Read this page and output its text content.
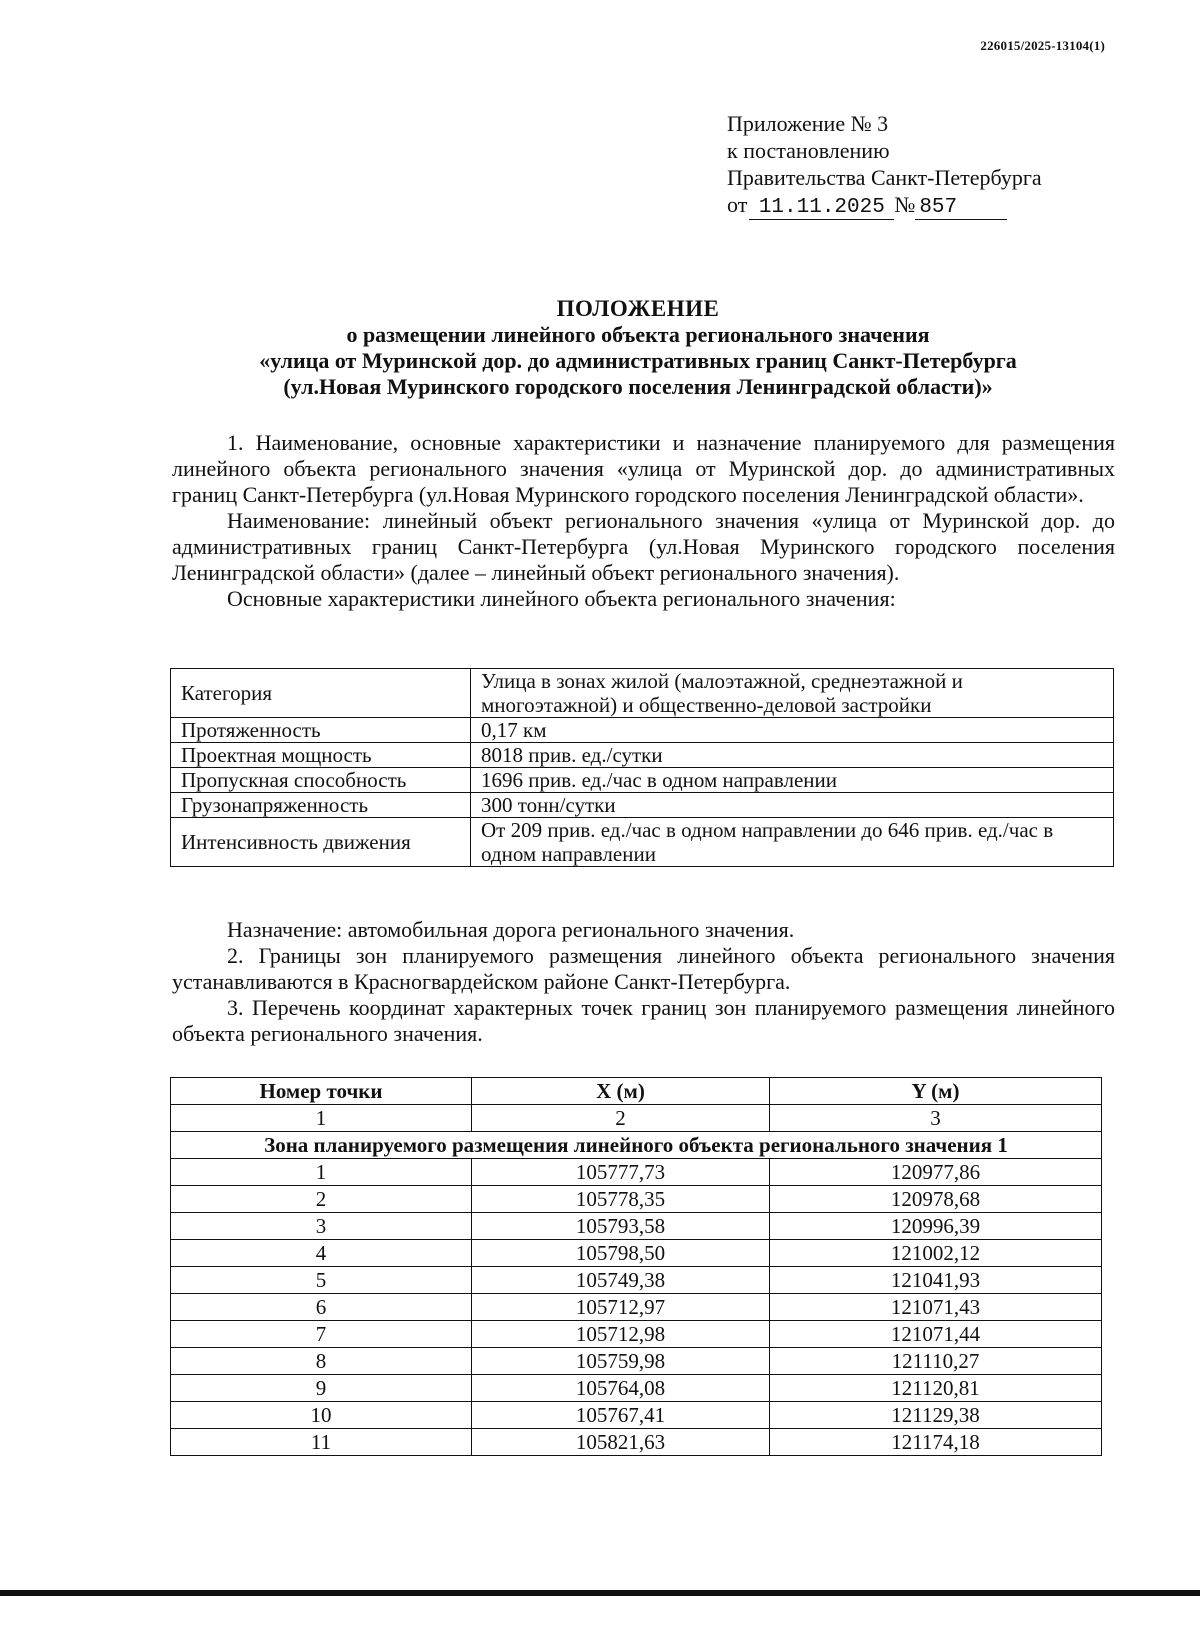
226015/2025-13104(1)
Приложение № 3
к постановлению
Правительства Санкт-Петербурга
от 11.11.2025 № 857
ПОЛОЖЕНИЕ
о размещении линейного объекта регионального значения
«улица от Муринской дор. до административных границ Санкт-Петербурга
(ул.Новая Муринского городского поселения Ленинградской области)»

1. Наименование, основные характеристики и назначение планируемого для размещения линейного объекта регионального значения «улица от Муринской дор. до административных границ Санкт-Петербурга (ул.Новая Муринского городского поселения Ленинградской области».

Наименование: линейный объект регионального значения «улица от Муринской дор. до административных границ Санкт-Петербурга (ул.Новая Муринского городского поселения Ленинградской области» (далее – линейный объект регионального значения).

Основные характеристики линейного объекта регионального значения:

Категория	Улица в зонах жилой (малоэтажной, среднеэтажной и многоэтажной) и общественно-деловой застройки
Протяженность	0,17 км
Проектная мощность	8018 прив. ед./сутки
Пропускная способность	1696 прив. ед./час в одном направлении
Грузонапряженность	300 тонн/сутки
Интенсивность движения	От 209 прив. ед./час в одном направлении до 646 прив. ед./час в одном направлении

Назначение: автомобильная дорога регионального значения.

2. Границы зон планируемого размещения линейного объекта регионального значения устанавливаются в Красногвардейском районе Санкт-Петербурга.

3. Перечень координат характерных точек границ зон планируемого размещения линейного объекта регионального значения.

Номер точки	X (м)	Y (м)
1	2	3
Зона планируемого размещения линейного объекта регионального значения 1		
1	105777,73	120977,86
2	105778,35	120978,68
3	105793,58	120996,39
4	105798,50	121002,12
5	105749,38	121041,93
6	105712,97	121071,43
7	105712,98	121071,44
8	105759,98	121110,27
9	105764,08	121120,81
10	105767,41	121129,38
11	105821,63	121174,18
